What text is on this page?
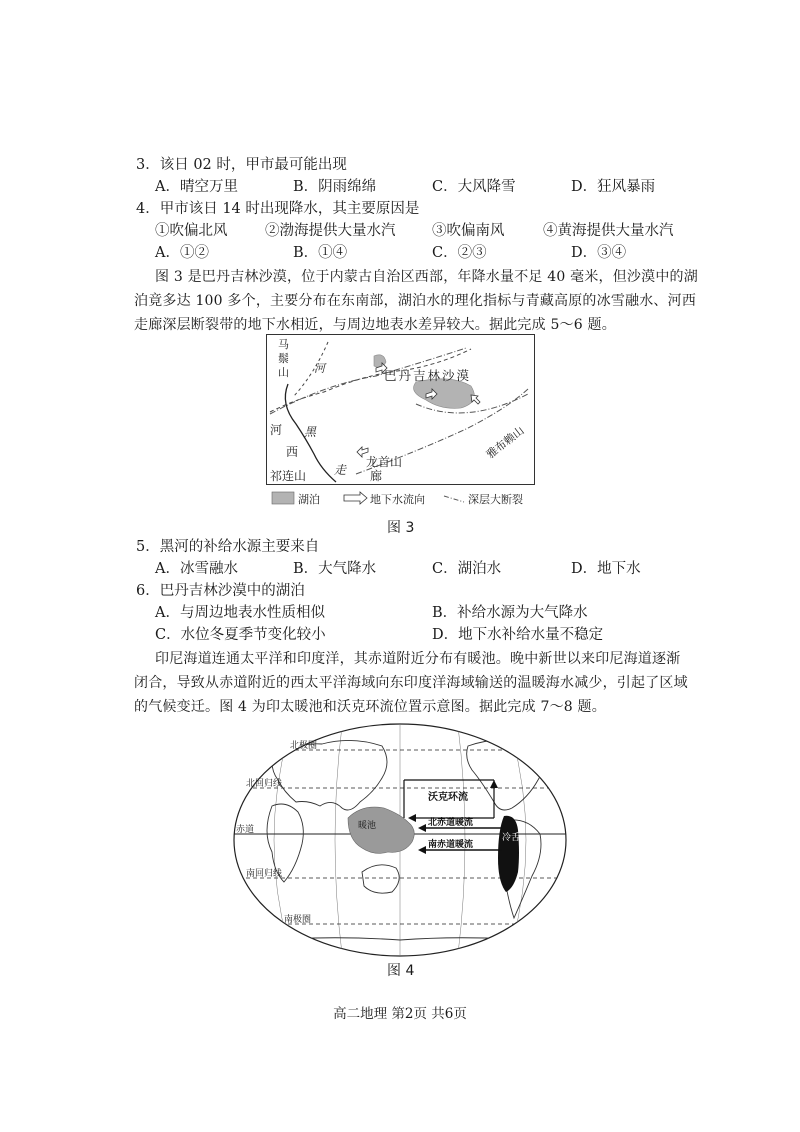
3．该日 02 时，甲市最可能出现
A．晴空万里	B．阴雨绵绵	C．大风降雪	D．狂风暴雨
4．甲市该日 14 时出现降水，其主要原因是
①吹偏北风	②渤海提供大量水汽	③吹偏南风	④黄海提供大量水汽
A．①②	B．①④	C．②③	D．③④
图 3 是巴丹吉林沙漠，位于内蒙古自治区西部，年降水量不足 40 毫米，但沙漠中的湖
泊竟多达 100 多个，主要分布在东南部，湖泊水的理化指标与青藏高原的冰雪融水、河西
走廊深层断裂带的地下水相近，与周边地表水差异较大。据此完成 5～6 题。
马
鬃
山 河	巴丹吉林沙漠
雅布赖山
河 黑
西
龙首山
走
祁连山	廊
湖泊	地下水流向	深层大断裂
图 3
5．黑河的补给水源主要来自
A．冰雪融水	B．大气降水	C．湖泊水	D．地下水
6．巴丹吉林沙漠中的湖泊
A．与周边地表水性质相似	B．补给水源为大气降水
C．水位冬夏季节变化较小	D．地下水补给水量不稳定
印尼海道连通太平洋和印度洋，其赤道附近分布有暖池。晚中新世以来印尼海道逐渐
闭合，导致从赤道附近的西太平洋海域向东印度洋海域输送的温暖海水减少，引起了区域
的气候变迁。图 4 为印太暖池和沃克环流位置示意图。据此完成 7～8 题。
北极圈
北回归线
赤道
南回归线
南极圈
沃克环流
暖池	北赤道暖流
南赤道暖流
冷舌
图 4
高二地理 第2页 共6页
